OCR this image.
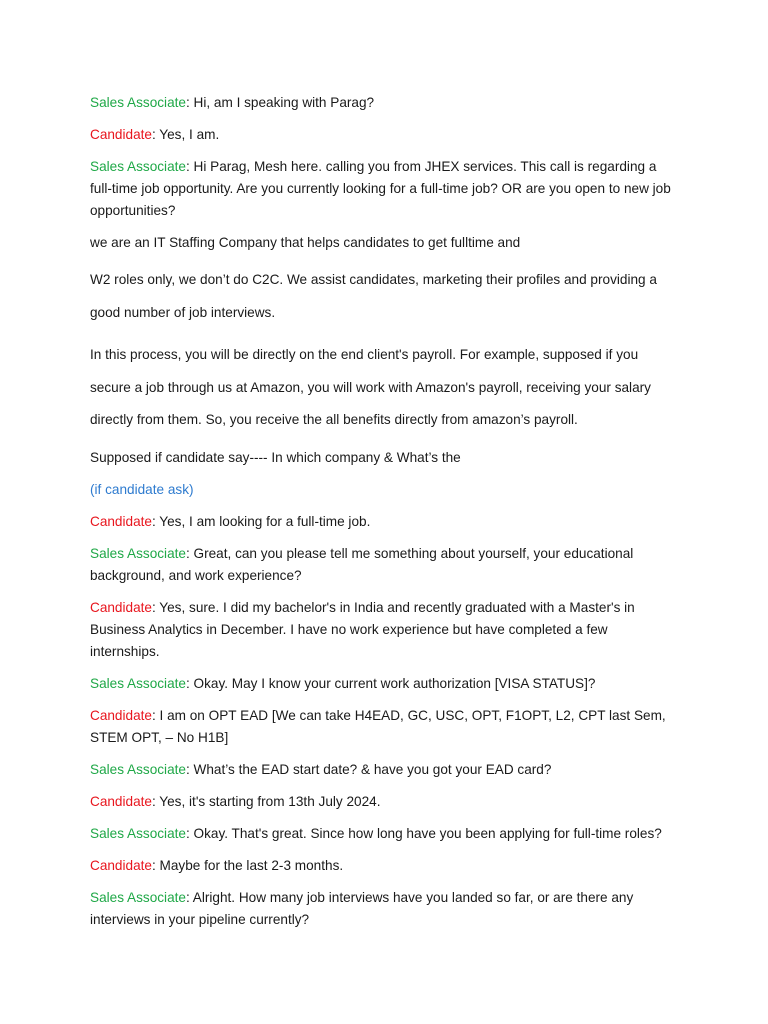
Sales Associate: Hi, am I speaking with Parag?

Candidate: Yes, I am.

Sales Associate: Hi Parag, Mesh here. calling you from JHEX services. This call is regarding a full-time job opportunity. Are you currently looking for a full-time job? OR are you open to new job opportunities?

we are an IT Staffing Company that helps candidates to get fulltime and

W2 roles only, we don’t do C2C. We assist candidates, marketing their profiles and providing a

good number of job interviews.

In this process, you will be directly on the end client's payroll. For example, supposed if you

secure a job through us at Amazon, you will work with Amazon's payroll, receiving your salary

directly from them. So, you receive the all benefits directly from amazon’s payroll.

Supposed if candidate say---- In which company & What’s the

(if candidate ask)

Candidate: Yes, I am looking for a full-time job.

Sales Associate: Great, can you please tell me something about yourself, your educational background, and work experience?

Candidate: Yes, sure. I did my bachelor's in India and recently graduated with a Master's in Business Analytics in December. I have no work experience but have completed a few internships.

Sales Associate: Okay. May I know your current work authorization [VISA STATUS]?

Candidate: I am on OPT EAD [We can take H4EAD, GC, USC, OPT, F1OPT, L2, CPT last Sem, STEM OPT, – No H1B]

Sales Associate: What’s the EAD start date? & have you got your EAD card?

Candidate: Yes, it's starting from 13th July 2024.

Sales Associate: Okay. That's great. Since how long have you been applying for full-time roles?

Candidate: Maybe for the last 2-3 months.

Sales Associate: Alright. How many job interviews have you landed so far, or are there any interviews in your pipeline currently?
